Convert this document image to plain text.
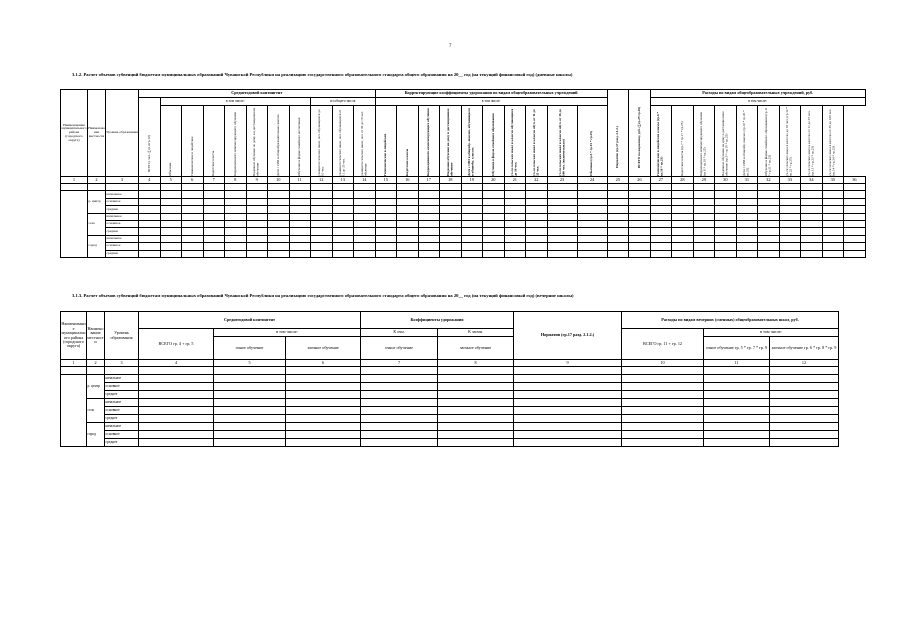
7
3.1.2. Расчет объемов субвенций бюджетам муниципальных образований Чувашской Республики на реализацию государственного образовательного стандарта общего образования на 20__ год (на текущий финансовый год) (дневные школы)
Наименование муниципального района (городского округа)	Наименование местности	Уровень образования	Среднегодовой контингент											Корректирующие коэффициенты удорожания по видам общеобразовательных учреждений										Норматив (гр.17 разд. 2.1.2.)	ВСЕГО по нормативу, руб. (∑гр.27:гр.36)	Расходы по видам общеобразовательных учреждений, руб.									

			ВСЕГО, чел. (∑гр.4:гр.10)	в том числе:							из общего числа			в том числе:												в том числе:									

				Обычные	Гимназические и лицейские	Кадетские классы	Коррекционного компенсирующего обучения	Надомное обучение по дому и в дистанционном обучении	Дети с ОВЗ в общеобразовательных школах	Обучение в форме семейного воспитания	учащиеся сельских школ, чел. обучающиеся до 10 чел.	учащиеся сельских школ, чел. обучающиеся от 11 до 35 чел.	учащиеся сельских школ, чел. от 36 до 70 чел. обычные	Гимназические и лицейские	Кадетские классы	Коррекционного компенсирующего обучения	Надомное обучение на дому и дистанционное обучение	Дети с ОВЗ в общеобр. школах, обучающиеся в общеобр. классах	Обучение в форме семейного образования	уч-ся сельских школ в классах обучающиеся до 10 чел.	уч-ся сельских школ в классах обуч. от 11 до 35 чел.	уч-ся сельских школ в классах обуч. от 36 до 100 чел. (включительно)	Обычные (гр.5 * гр.15 * гр.25)			Гимназические и лицейские классы (гр.6 * гр.16 * гр.25)	Кадетские классы (гр.7 * гр.17 * гр.25)	Коррекционного компенсирующего обучения (гр.8 * гр.18 * гр.25)	Надомное обучение на дому и дистанционное обучение (гр.9 * гр.19 * гр.25)	Дети с ОВЗ в общеобр. школах (гр.10 * гр.20 * гр.25)	Обучение в форме семейного образования (гр.11 * гр.21 * гр.25)	уч-ся сельских школ в классах до 10 чел. (гр.12 * гр.22 * гр.25)	уч-ся сельских школ в классах от 11 до 35 чел. (гр.13 * гр.23 * гр.25)	уч-ся сельских школ в классах от 36 до 100 чел. (гр.14 * гр.24 * гр.25)	

1	2	3	4	5	6	7	8	9	10	11	12	13	14	15	16	17	18	19	20	21	22	23	24	25	26	27	28	29	30	31	32	33	34	35	36

	р. центр	начальное																																	
		основное																																	
		среднее																																	
	село	начальное																																	
		основное																																	
		среднее																																	
	город	начальное																																	
		основное																																	
		среднее																																	
3.1.3. Расчет объемов субвенций бюджетам муниципальных образований Чувашской Республики на реализацию государственного образовательного стандарта общего образования на 20__ год (на текущий финансовый год) (вечерние школы)
Наименование муниципального района (городского округа)	Наименование местности	Уровень образования	Среднегодовой контингент			Коэффициенты удорожания		Норматив (гр.17 разд. 2.1.2.)	Расходы по видам вечерних (сменных) общеобразовательных школ, руб.		
			ВСЕГО гр. 4 + гр. 5	в том числе:		К очн.	К заочн.		ВСЕГО гр. 11 + гр. 12	в том числе:	
				очное обучение	заочное обучение	очное обучение	заочное обучение			очное обучение гр. 5 * гр. 7 * гр. 9	заочное обучение гр. 6 * гр. 8 * гр. 9
1	2	3	4	5	6	7	8	9	10	11	12

	р. центр	начальное									
		основное									
		среднее									
	село	начальное									
		основное									
		среднее									
	город	начальное									
		основное									
		среднее									
